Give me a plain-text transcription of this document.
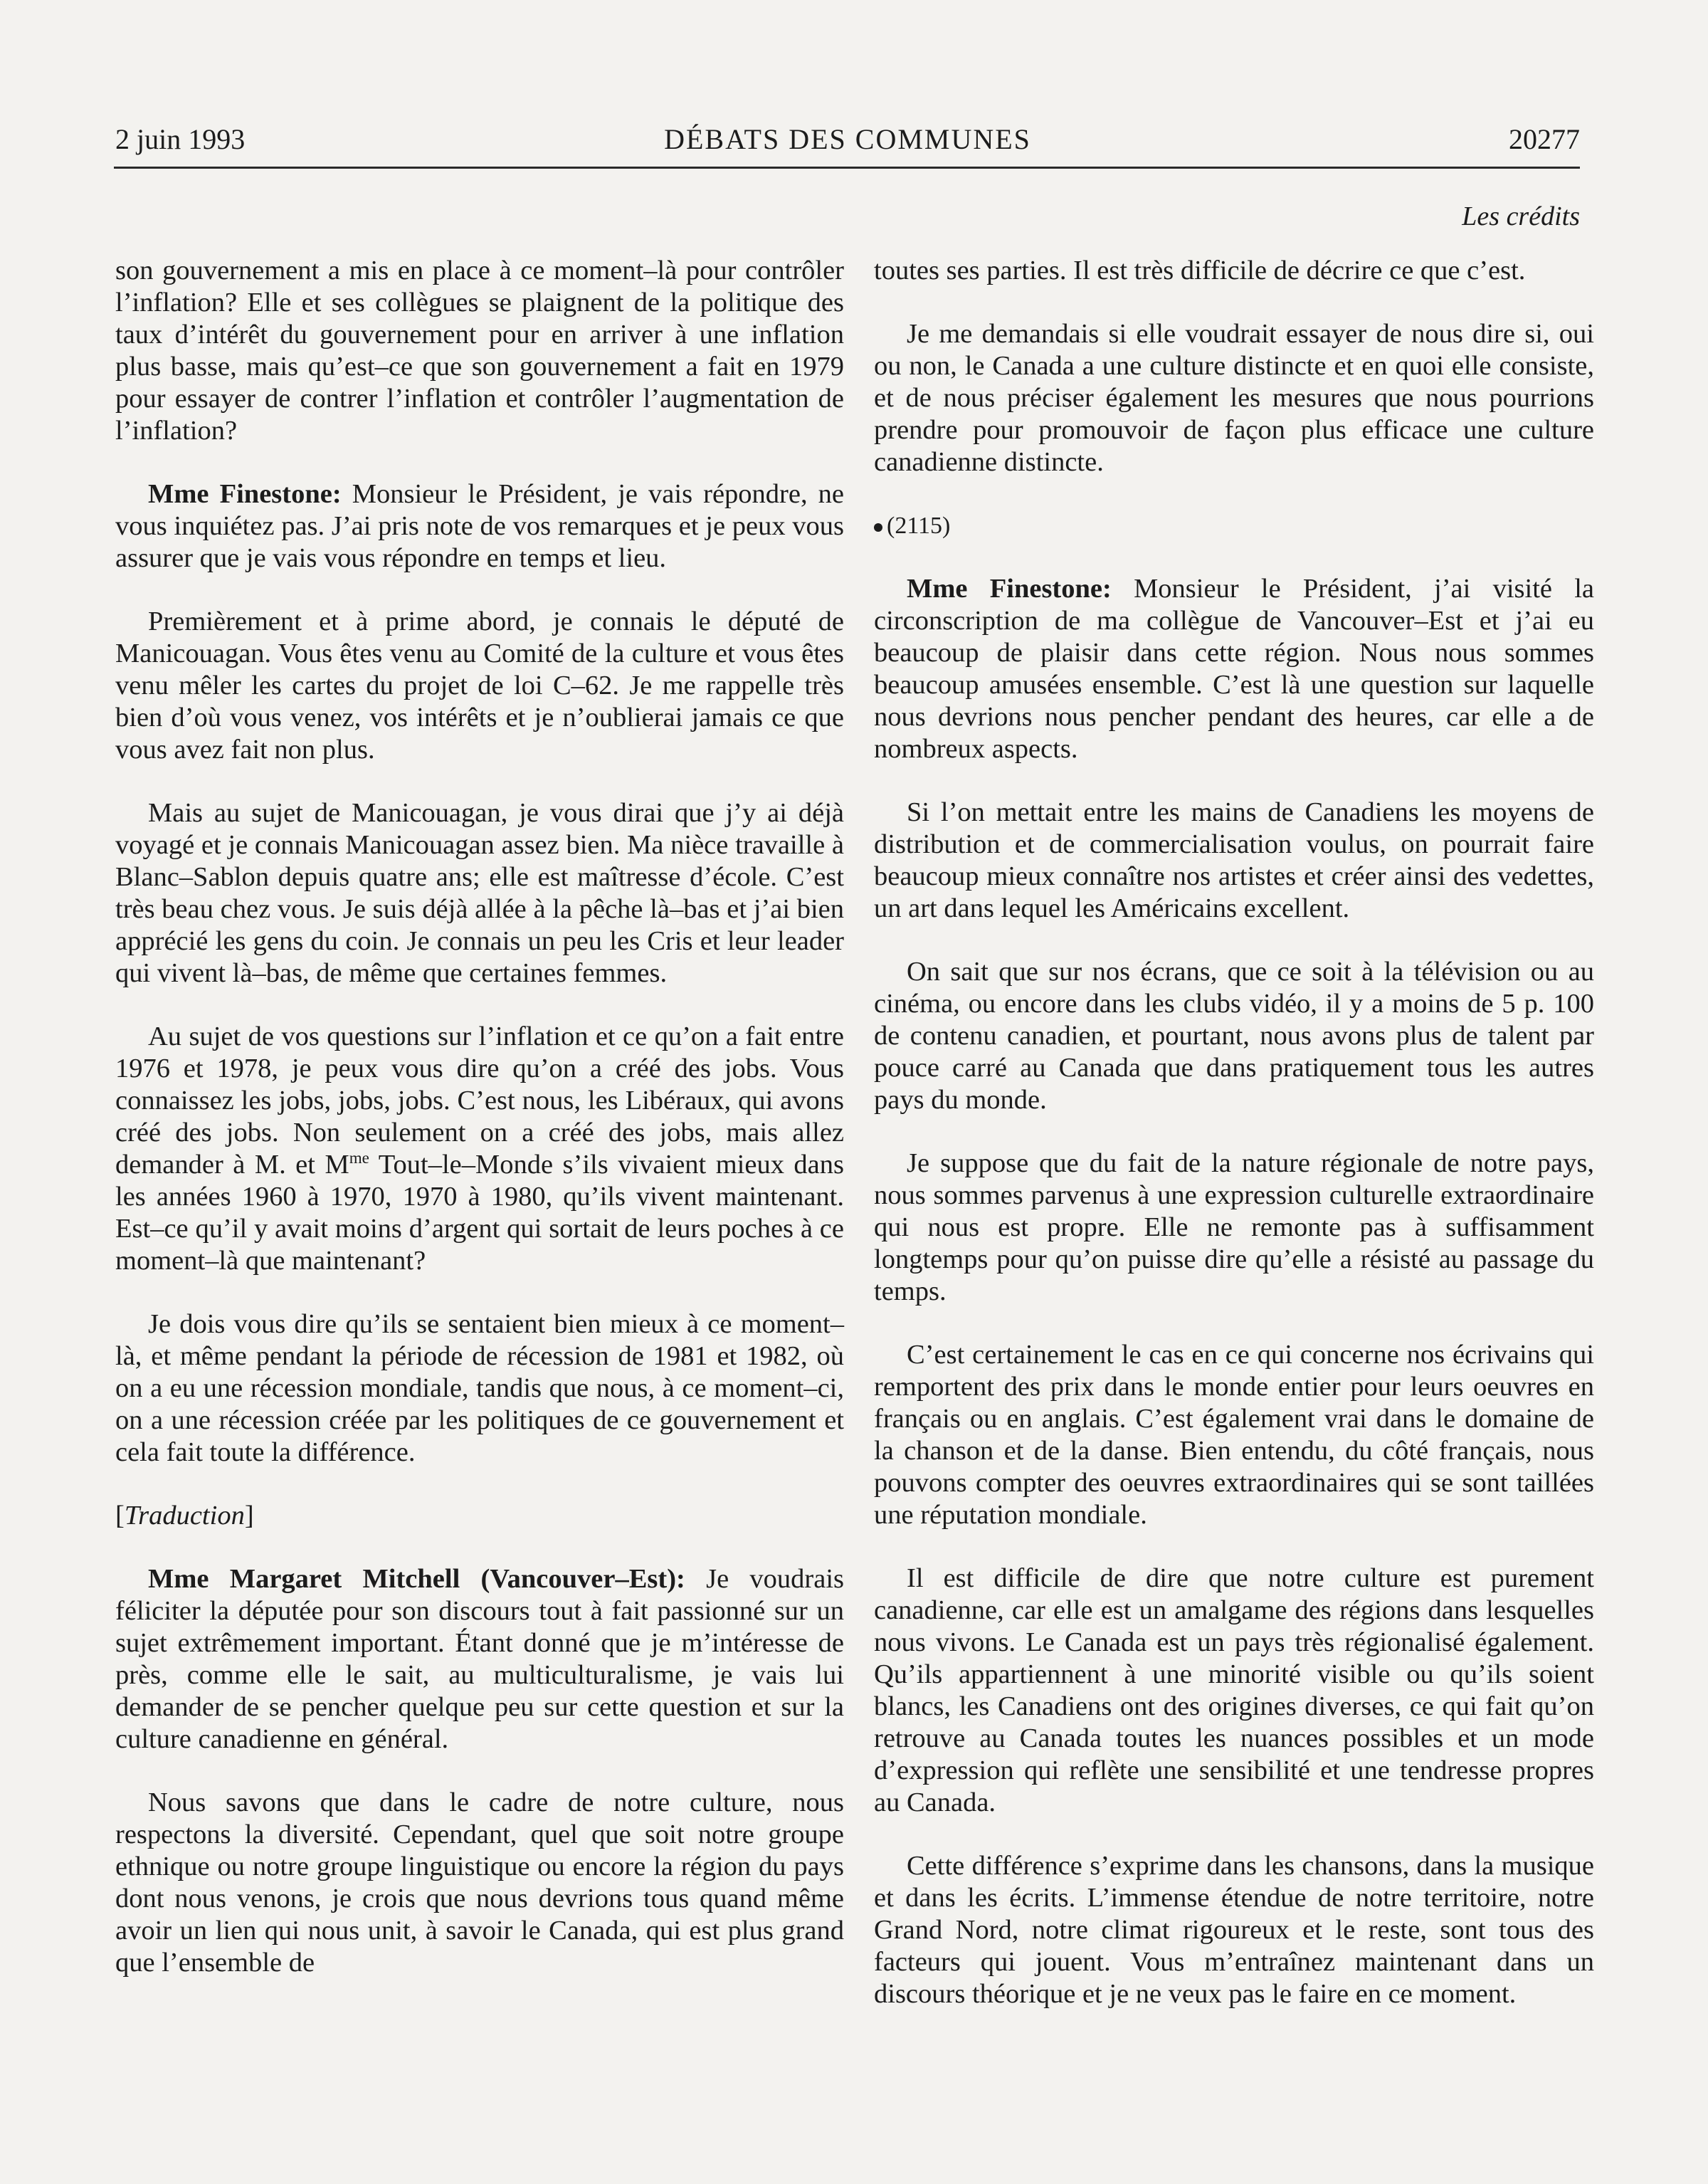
2 juin 1993	DÉBATS DES COMMUNES	20277
Les crédits

son gouvernement a mis en place à ce moment–là pour contrôler l’inflation? Elle et ses collègues se plaignent de la politique des taux d’intérêt du gouvernement pour en arriver à une inflation plus basse, mais qu’est–ce que son gouvernement a fait en 1979 pour essayer de contrer l’inflation et contrôler l’augmentation de l’inflation?

Mme Finestone: Monsieur le Président, je vais répondre, ne vous inquiétez pas. J’ai pris note de vos remarques et je peux vous assurer que je vais vous répondre en temps et lieu.

Premièrement et à prime abord, je connais le député de Manicouagan. Vous êtes venu au Comité de la culture et vous êtes venu mêler les cartes du projet de loi C–62. Je me rappelle très bien d’où vous venez, vos intérêts et je n’oublierai jamais ce que vous avez fait non plus.

Mais au sujet de Manicouagan, je vous dirai que j’y ai déjà voyagé et je connais Manicouagan assez bien. Ma nièce travaille à Blanc–Sablon depuis quatre ans; elle est maîtresse d’école. C’est très beau chez vous. Je suis déjà allée à la pêche là–bas et j’ai bien apprécié les gens du coin. Je connais un peu les Cris et leur leader qui vivent là–bas, de même que certaines femmes.

Au sujet de vos questions sur l’inflation et ce qu’on a fait entre 1976 et 1978, je peux vous dire qu’on a créé des jobs. Vous connaissez les jobs, jobs, jobs. C’est nous, les Libéraux, qui avons créé des jobs. Non seulement on a créé des jobs, mais allez demander à M. et $M^{me}$ Tout–le–Monde s’ils vivaient mieux dans les années 1960 à 1970, 1970 à 1980, qu’ils vivent maintenant. Est–ce qu’il y avait moins d’argent qui sortait de leurs poches à ce moment–là que maintenant?

Je dois vous dire qu’ils se sentaient bien mieux à ce moment–là, et même pendant la période de récession de 1981 et 1982, où on a eu une récession mondiale, tandis que nous, à ce moment–ci, on a une récession créée par les politiques de ce gouvernement et cela fait toute la différence.

[Traduction]

Mme Margaret Mitchell (Vancouver–Est): Je voudrais féliciter la députée pour son discours tout à fait passionné sur un sujet extrêmement important. Étant donné que je m’intéresse de près, comme elle le sait, au multiculturalisme, je vais lui demander de se pencher quelque peu sur cette question et sur la culture canadienne en général.

Nous savons que dans le cadre de notre culture, nous respectons la diversité. Cependant, quel que soit notre groupe ethnique ou notre groupe linguistique ou encore la région du pays dont nous venons, je crois que nous devrions tous quand même avoir un lien qui nous unit, à savoir le Canada, qui est plus grand que l’ensemble de

toutes ses parties. Il est très difficile de décrire ce que c’est.

Je me demandais si elle voudrait essayer de nous dire si, oui ou non, le Canada a une culture distincte et en quoi elle consiste, et de nous préciser également les mesures que nous pourrions prendre pour promouvoir de façon plus efficace une culture canadienne distincte.

(2115)

Mme Finestone: Monsieur le Président, j’ai visité la circonscription de ma collègue de Vancouver–Est et j’ai eu beaucoup de plaisir dans cette région. Nous nous sommes beaucoup amusées ensemble. C’est là une question sur laquelle nous devrions nous pencher pendant des heures, car elle a de nombreux aspects.

Si l’on mettait entre les mains de Canadiens les moyens de distribution et de commercialisation voulus, on pourrait faire beaucoup mieux connaître nos artistes et créer ainsi des vedettes, un art dans lequel les Américains excellent.

On sait que sur nos écrans, que ce soit à la télévision ou au cinéma, ou encore dans les clubs vidéo, il y a moins de 5 p. 100 de contenu canadien, et pourtant, nous avons plus de talent par pouce carré au Canada que dans pratiquement tous les autres pays du monde.

Je suppose que du fait de la nature régionale de notre pays, nous sommes parvenus à une expression culturelle extraordinaire qui nous est propre. Elle ne remonte pas à suffisamment longtemps pour qu’on puisse dire qu’elle a résisté au passage du temps.

C’est certainement le cas en ce qui concerne nos écrivains qui remportent des prix dans le monde entier pour leurs oeuvres en français ou en anglais. C’est également vrai dans le domaine de la chanson et de la danse. Bien entendu, du côté français, nous pouvons compter des oeuvres extraordinaires qui se sont taillées une réputation mondiale.

Il est difficile de dire que notre culture est purement canadienne, car elle est un amalgame des régions dans lesquelles nous vivons. Le Canada est un pays très régionalisé également. Qu’ils appartiennent à une minorité visible ou qu’ils soient blancs, les Canadiens ont des origines diverses, ce qui fait qu’on retrouve au Canada toutes les nuances possibles et un mode d’expression qui reflète une sensibilité et une tendresse propres au Canada.

Cette différence s’exprime dans les chansons, dans la musique et dans les écrits. L’immense étendue de notre territoire, notre Grand Nord, notre climat rigoureux et le reste, sont tous des facteurs qui jouent. Vous m’entraînez maintenant dans un discours théorique et je ne veux pas le faire en ce moment.
